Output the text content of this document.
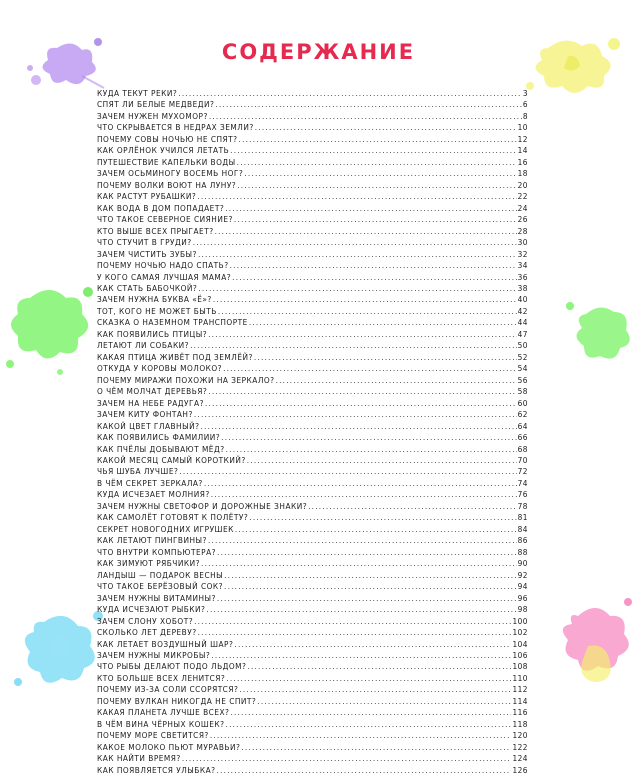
СОДЕРЖАНИЕ
КУДА ТЕКУТ РЕКИ? .....	3
СПЯТ ЛИ БЕЛЫЕ МЕДВЕДИ? .....	6
ЗАЧЕМ НУЖЕН МУХОМОР? .....	8
ЧТО СКРЫВАЕТСЯ В НЕДРАХ ЗЕМЛИ? .....	10
ПОЧЕМУ СОВЫ НОЧЬЮ НЕ СПЯТ? .....	12
КАК ОРЛЁНОК УЧИЛСЯ ЛЕТАТЬ .....	14
ПУТЕШЕСТВИЕ КАПЕЛЬКИ ВОДЫ .....	16
ЗАЧЕМ ОСЬМИНОГУ ВОСЕМЬ НОГ? .....	18
ПОЧЕМУ ВОЛКИ ВОЮТ НА ЛУНУ? .....	20
КАК РАСТУТ РУБАШКИ? .....	22
КАК ВОДА В ДОМ ПОПАДАЕТ? .....	24
ЧТО ТАКОЕ СЕВЕРНОЕ СИЯНИЕ? .....	26
КТО ВЫШЕ ВСЕХ ПРЫГАЕТ? .....	28
ЧТО СТУЧИТ В ГРУДИ? .....	30
ЗАЧЕМ ЧИСТИТЬ ЗУБЫ? .....	32
ПОЧЕМУ НОЧЬЮ НАДО СПАТЬ? .....	34
У КОГО САМАЯ ЛУЧШАЯ МАМА? .....	36
КАК СТАТЬ БАБОЧКОЙ? .....	38
ЗАЧЕМ НУЖНА БУКВА «Ё»? .....	40
ТОТ, КОГО НЕ МОЖЕТ БЫТЬ .....	42
СКАЗКА О НАЗЕМНОМ ТРАНСПОРТЕ .....	44
КАК ПОЯВИЛИСЬ ПТИЦЫ? .....	47
ЛЕТАЮТ ЛИ СОБАКИ? .....	50
КАКАЯ ПТИЦА ЖИВЁТ ПОД ЗЕМЛЁЙ? .....	52
ОТКУДА У КОРОВЫ МОЛОКО? .....	54
ПОЧЕМУ МИРАЖИ ПОХОЖИ НА ЗЕРКАЛО? .....	56
О ЧЁМ МОЛЧАТ ДЕРЕВЬЯ? .....	58
ЗАЧЕМ НА НЕБЕ РАДУГА? .....	60
ЗАЧЕМ КИТУ ФОНТАН? .....	62
КАКОЙ ЦВЕТ ГЛАВНЫЙ? .....	64
КАК ПОЯВИЛИСЬ ФАМИЛИИ? .....	66
КАК ПЧЁЛЫ ДОБЫВАЮТ МЁД? .....	68
КАКОЙ МЕСЯЦ САМЫЙ КОРОТКИЙ? .....	70
ЧЬЯ ШУБА ЛУЧШЕ? .....	72
В ЧЁМ СЕКРЕТ ЗЕРКАЛА? .....	74
КУДА ИСЧЕЗАЕТ МОЛНИЯ? .....	76
ЗАЧЕМ НУЖНЫ СВЕТОФОР И ДОРОЖНЫЕ ЗНАКИ? .....	78
КАК САМОЛЁТ ГОТОВЯТ К ПОЛЁТУ? .....	81
СЕКРЕТ НОВОГОДНИХ ИГРУШЕК .....	84
КАК ЛЕТАЮТ ПИНГВИНЫ? .....	86
ЧТО ВНУТРИ КОМПЬЮТЕРА? .....	88
КАК ЗИМУЮТ РЯБЧИКИ? .....	90
ЛАНДЫШ — ПОДАРОК ВЕСНЫ .....	92
ЧТО ТАКОЕ БЕРЁЗОВЫЙ СОК? .....	94
ЗАЧЕМ НУЖНЫ ВИТАМИНЫ? .....	96
КУДА ИСЧЕЗАЮТ РЫБКИ? .....	98
ЗАЧЕМ СЛОНУ ХОБОТ? .....	100
СКОЛЬКО ЛЕТ ДЕРЕВУ? .....	102
КАК ЛЕТАЕТ ВОЗДУШНЫЙ ШАР? .....	104
ЗАЧЕМ НУЖНЫ МИКРОБЫ? .....	106
ЧТО РЫБЫ ДЕЛАЮТ ПОДО ЛЬДОМ? .....	108
КТО БОЛЬШЕ ВСЕХ ЛЕНИТСЯ? .....	110
ПОЧЕМУ ИЗ-ЗА СОЛИ ССОРЯТСЯ? .....	112
ПОЧЕМУ ВУЛКАН НИКОГДА НЕ СПИТ? .....	114
КАКАЯ ПЛАНЕТА ЛУЧШЕ ВСЕХ? .....	116
В ЧЁМ ВИНА ЧЁРНЫХ КОШЕК? .....	118
ПОЧЕМУ МОРЕ СВЕТИТСЯ? .....	120
КАКОЕ МОЛОКО ПЬЮТ МУРАВЬИ? .....	122
КАК НАЙТИ ВРЕМЯ? .....	124
КАК ПОЯВЛЯЕТСЯ УЛЫБКА? .....	126
